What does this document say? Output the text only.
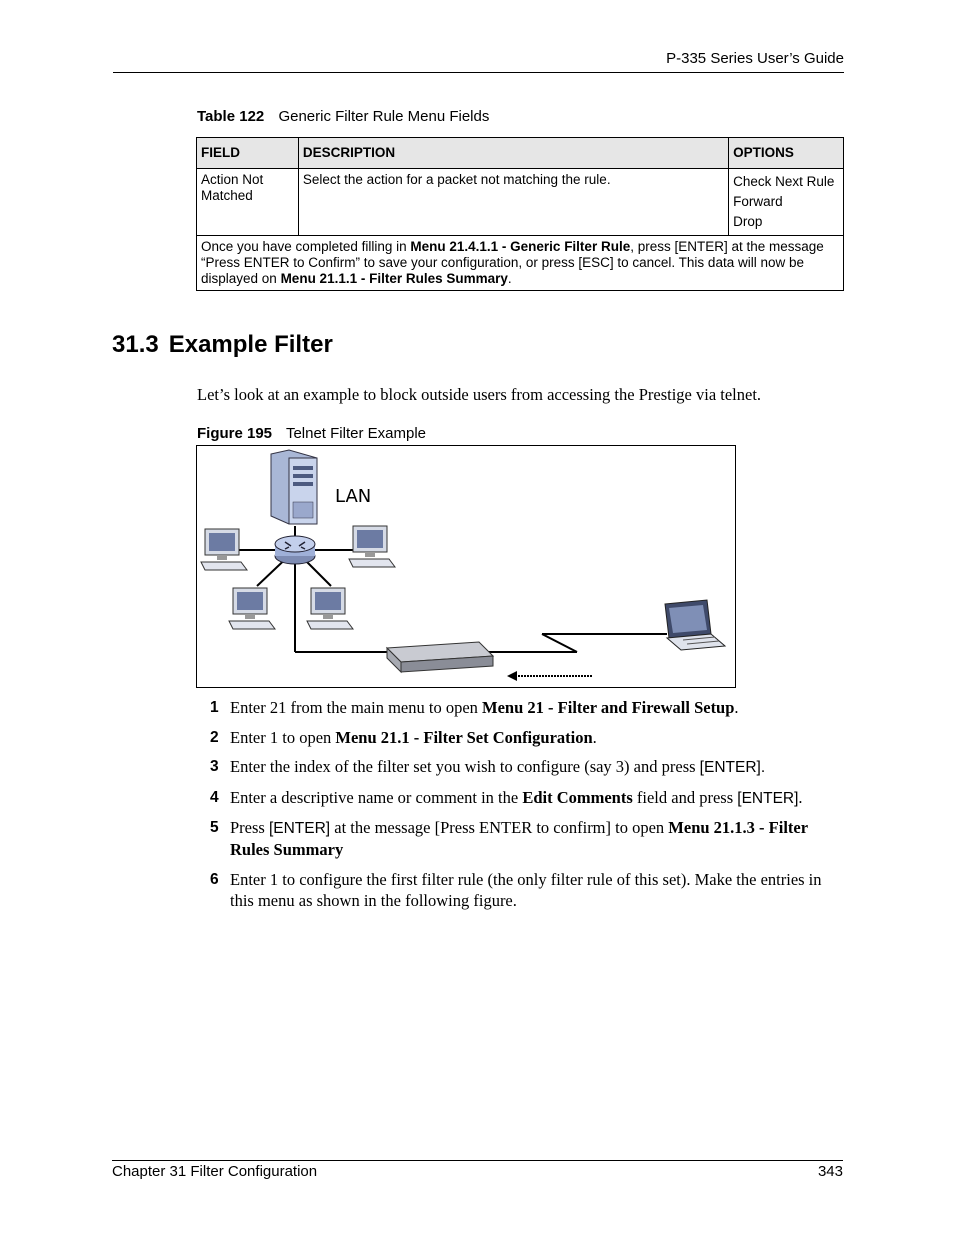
P-335 Series User’s Guide
Table 122 Generic Filter Rule Menu Fields
FIELD	DESCRIPTION	OPTIONS
Action Not Matched	Select the action for a packet not matching the rule.	Check Next Rule
Forward
Drop

Once you have completed filling in Menu 21.4.1.1 - Generic Filter Rule, press [ENTER] at the message “Press ENTER to Confirm” to save your configuration, or press [ESC] to cancel. This data will now be displayed on Menu 21.1.1 - Filter Rules Summary.		
31.3 Example Filter
Let’s look at an example to block outside users from accessing the Prestige via telnet.
Figure 195 Telnet Filter Example
LAN
1 Enter 21 from the main menu to open Menu 21 - Filter and Firewall Setup.
2 Enter 1 to open Menu 21.1 - Filter Set Configuration.
3 Enter the index of the filter set you wish to configure (say 3) and press [ENTER].
4 Enter a descriptive name or comment in the Edit Comments field and press [ENTER].
5 Press [ENTER] at the message [Press ENTER to confirm] to open Menu 21.1.3 - Filter Rules Summary
6 Enter 1 to configure the first filter rule (the only filter rule of this set). Make the entries in this menu as shown in the following figure.
Chapter 31 Filter Configuration	343
